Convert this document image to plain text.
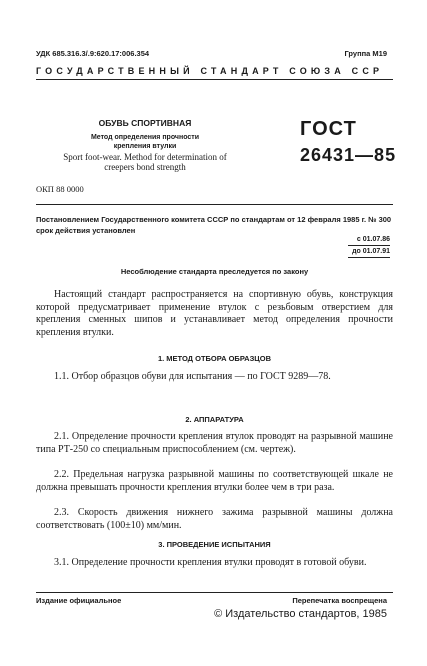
УДК 685.316.3/.9:620.17:006.354	Группа М19
ГОСУДАРСТВЕННЫЙ СТАНДАРТ СОЮЗА ССР
ОБУВЬ СПОРТИВНАЯ
Метод определения прочности
крепления втулки
Sport foot-wear. Method for determination of
creepers bond strength
ГОСТ
26431—85
ОКП 88 0000
Постановлением Государственного комитета СССР по стандартам от 12 февраля 1985 г. № 300 срок действия установлен
с 01.07.86
до 01.07.91
Несоблюдение стандарта преследуется по закону
Настоящий стандарт распространяется на спортивную обувь, конструкция которой предусматривает применение втулок с резьбовым отверстием для крепления сменных шипов и устанавливает метод определения прочности крепления втулки.
1. МЕТОД ОТБОРА ОБРАЗЦОВ
1.1. Отбор образцов обуви для испытания — по ГОСТ 9289—78.
2. АППАРАТУРА
2.1. Определение прочности крепления втулок проводят на разрывной машине типа РТ-250 со специальным приспособлением (см. чертеж).
2.2. Предельная нагрузка разрывной машины по соответствующей шкале не должна превышать прочности крепления втулки более чем в три раза.
2.3. Скорость движения нижнего зажима разрывной машины должна соответствовать (100±10) мм/мин.
3. ПРОВЕДЕНИЕ ИСПЫТАНИЯ
3.1. Определение прочности крепления втулки проводят в готовой обуви.
Издание официальное	Перепечатка воспрещена
© Издательство стандартов, 1985
